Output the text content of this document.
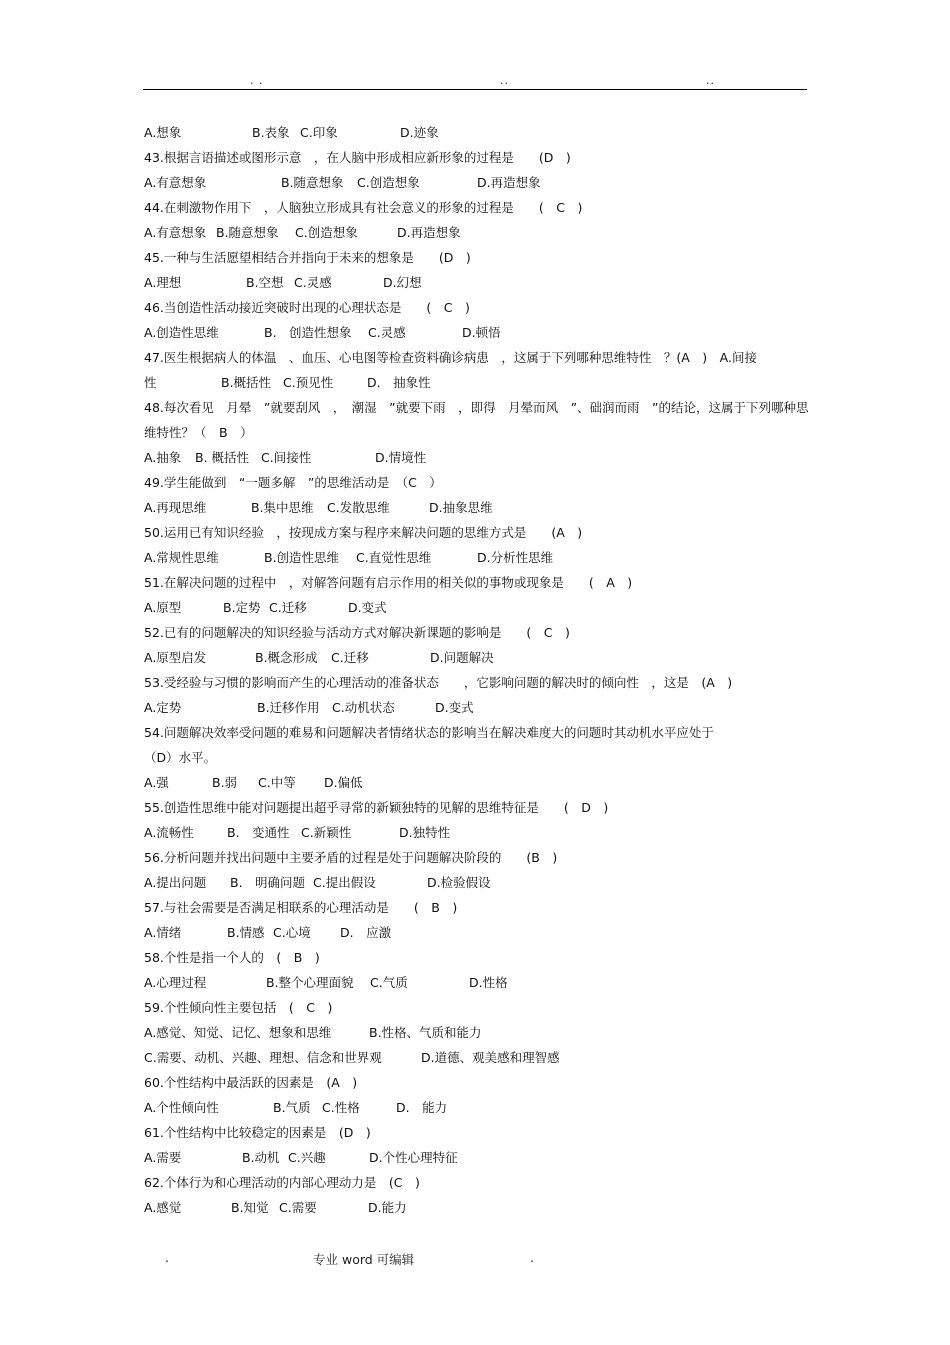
. .	..	..
A.想象	B.表象 C.印象	D.迹象
43.根据言语描述或图形示意　，在人脑中形成相应新形象的过程是　　(D　)
A.有意想象	B.随意想象 C.创造想象	D.再造想象
44.在刺激物作用下　，人脑独立形成具有社会意义的形象的过程是　　(　C　)
A.有意想象 B.随意想象 C.创造想象	D.再造想象
45.一种与生活愿望相结合并指向于未来的想象是　　(D　)
A.理想	B.空想 C.灵感	D.幻想
46.当创造性活动接近突破时出现的心理状态是　　(　C　)
A.创造性思维	B.　创造性想象 C.灵感	D.顿悟
47.医生根据病人的体温　、血压、心电图等检查资料确诊病患　，这属于下列哪种思维特性　？(A　)　A.间接
性	B.概括性 C.预见性	D.　抽象性
48.每次看见　月晕　”就要刮风　，　潮湿　”就要下雨　，即得　月晕而风　”、础润而雨　”的结论，这属于下列哪种思
维特性？（　B　）
A.抽象 B. 概括性 C.间接性	D.情境性
49.学生能做到　“一题多解　”的思维活动是　（C　）
A.再现思维	B.集中思维 C.发散思维	D.抽象思维
50.运用已有知识经验　，按现成方案与程序来解决问题的思维方式是　　(A　)
A.常规性思维	B.创造性思维 C.直觉性思维	D.分析性思维
51.在解决问题的过程中　，对解答问题有启示作用的相关似的事物或现象是　　(　A　)
A.原型	B.定势 C.迁移	D.变式
52.已有的问题解决的知识经验与活动方式对解决新课题的影响是　　(　C　)
A.原型启发	B.概念形成 C.迁移	D.问题解决
53.受经验与习惯的影响而产生的心理活动的准备状态　　，它影响问题的解决时的倾向性　，这是　(A　)
A.定势	B.迁移作用 C.动机状态	D.变式
54.问题解决效率受问题的难易和问题解决者情绪状态的影响当在解决难度大的问题时其动机水平应处于
（D）水平。
A.强	B.弱 C.中等 D.偏低
55.创造性思维中能对问题提出超乎寻常的新颖独特的见解的思维特征是　　(　D　)
A.流畅性	B.　变通性 C.新颖性	D.独特性
56.分析问题并找出问题中主要矛盾的过程是处于问题解决阶段的　　(B　)
A.提出问题 B.　明确问题 C.提出假设	D.检验假设
57.与社会需要是否满足相联系的心理活动是　　(　B　)
A.情绪	B.情感 C.心境 D.　应激
58.个性是指一个人的　(　B　)
A.心理过程	B.整个心理面貌 C.气质	D.性格
59.个性倾向性主要包括　(　C　)
A.感觉、知觉、记忆、想象和思维	B.性格、气质和能力
C.需要、动机、兴趣、理想、信念和世界观	D.道德、观美感和理智感
60.个性结构中最活跃的因素是　(A　)
A.个性倾向性	B.气质 C.性格	D.　能力
61.个性结构中比较稳定的因素是　(D　)
A.需要	B.动机 C.兴趣	D.个性心理特征
62.个体行为和心理活动的内部心理动力是　(C　)
A.感觉	B.知觉 C.需要	D.能力
.	专业 word 可编辑	.
